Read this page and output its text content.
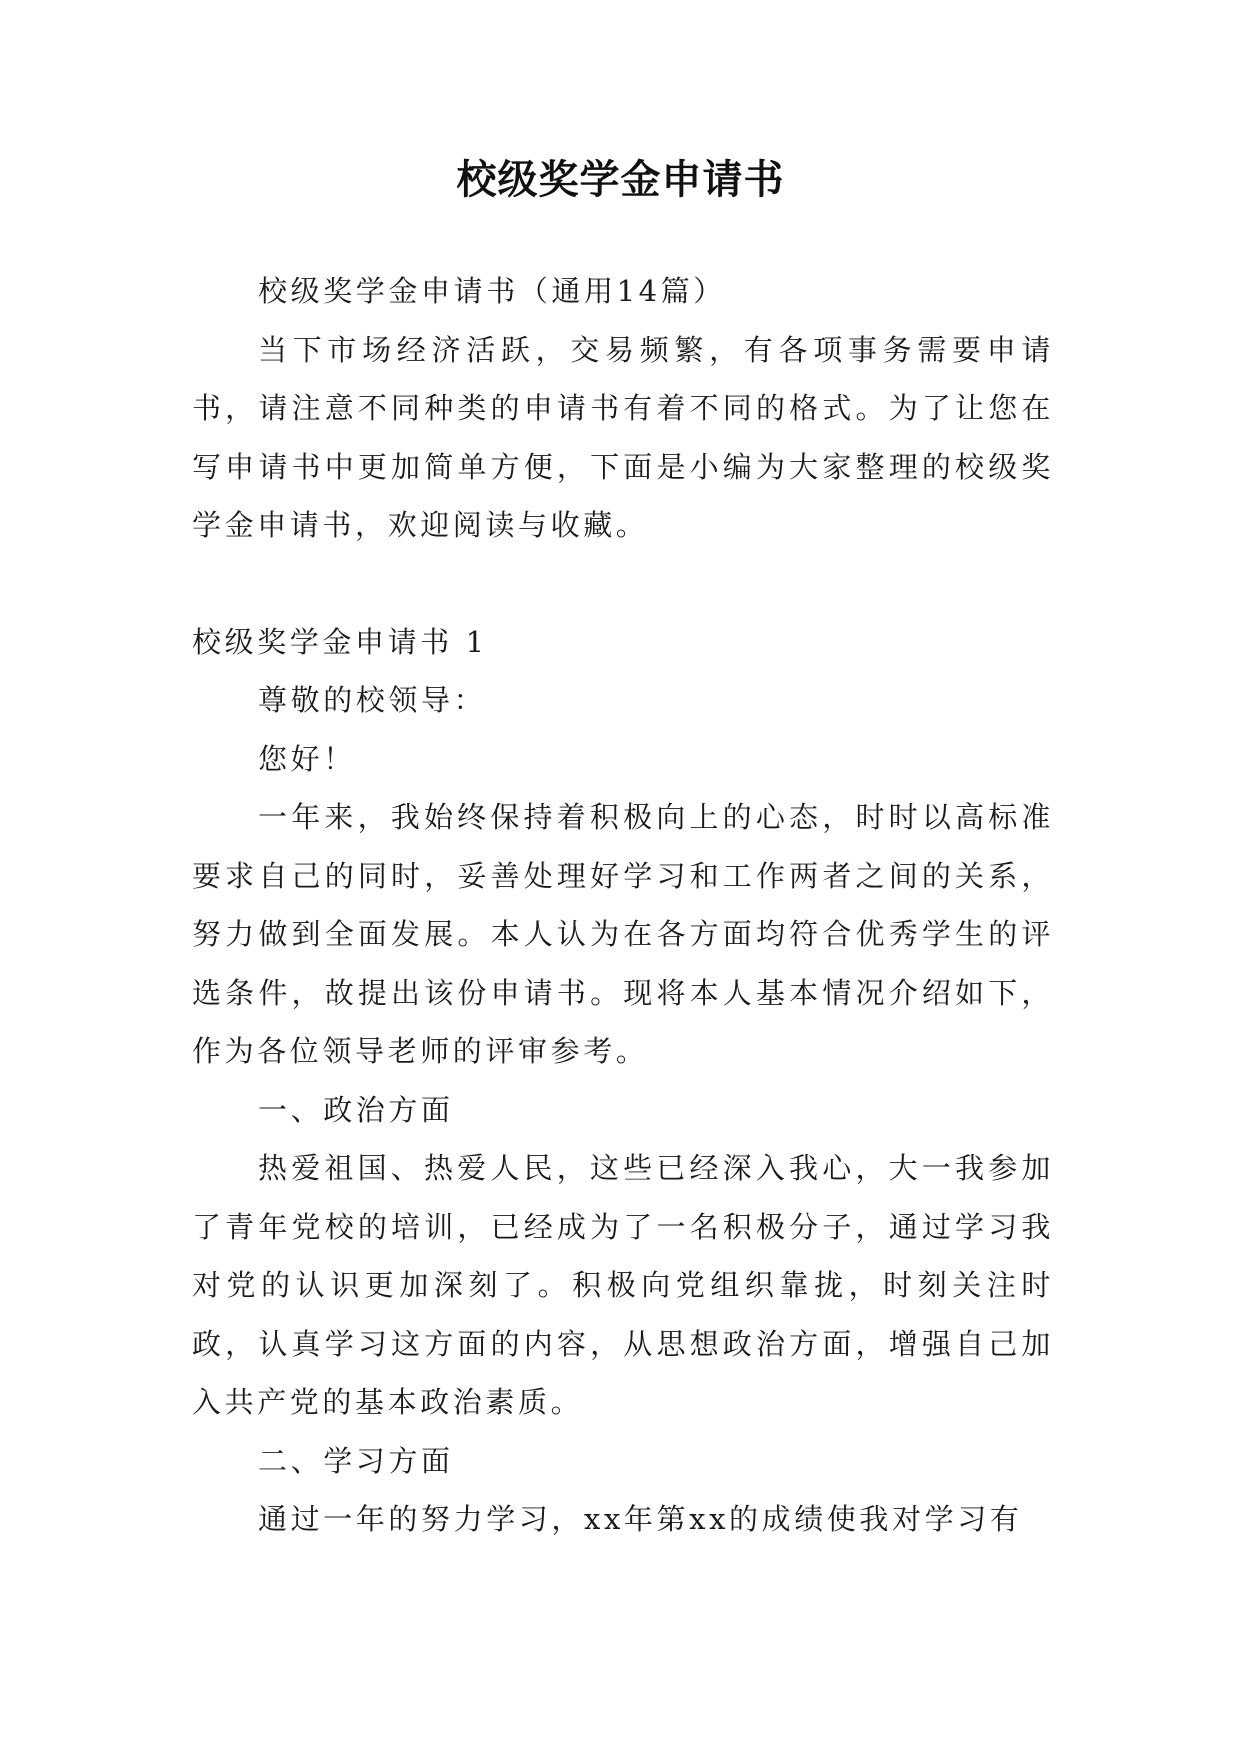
校级奖学金申请书

校级奖学金申请书（通用14篇）

当下市场经济活跃，交易频繁，有各项事务需要申请书，请注意不同种类的申请书有着不同的格式。为了让您在写申请书中更加简单方便，下面是小编为大家整理的校级奖学金申请书，欢迎阅读与收藏。

校级奖学金申请书 1

尊敬的校领导：

您好！

一年来，我始终保持着积极向上的心态，时时以高标准要求自己的同时，妥善处理好学习和工作两者之间的关系，努力做到全面发展。本人认为在各方面均符合优秀学生的评选条件，故提出该份申请书。现将本人基本情况介绍如下，作为各位领导老师的评审参考。

一、政治方面

热爱祖国、热爱人民，这些已经深入我心，大一我参加了青年党校的培训，已经成为了一名积极分子，通过学习我对党的认识更加深刻了。积极向党组织靠拢，时刻关注时政，认真学习这方面的内容，从思想政治方面，增强自己加入共产党的基本政治素质。

二、学习方面

通过一年的努力学习，xx年第xx的成绩使我对学习有
